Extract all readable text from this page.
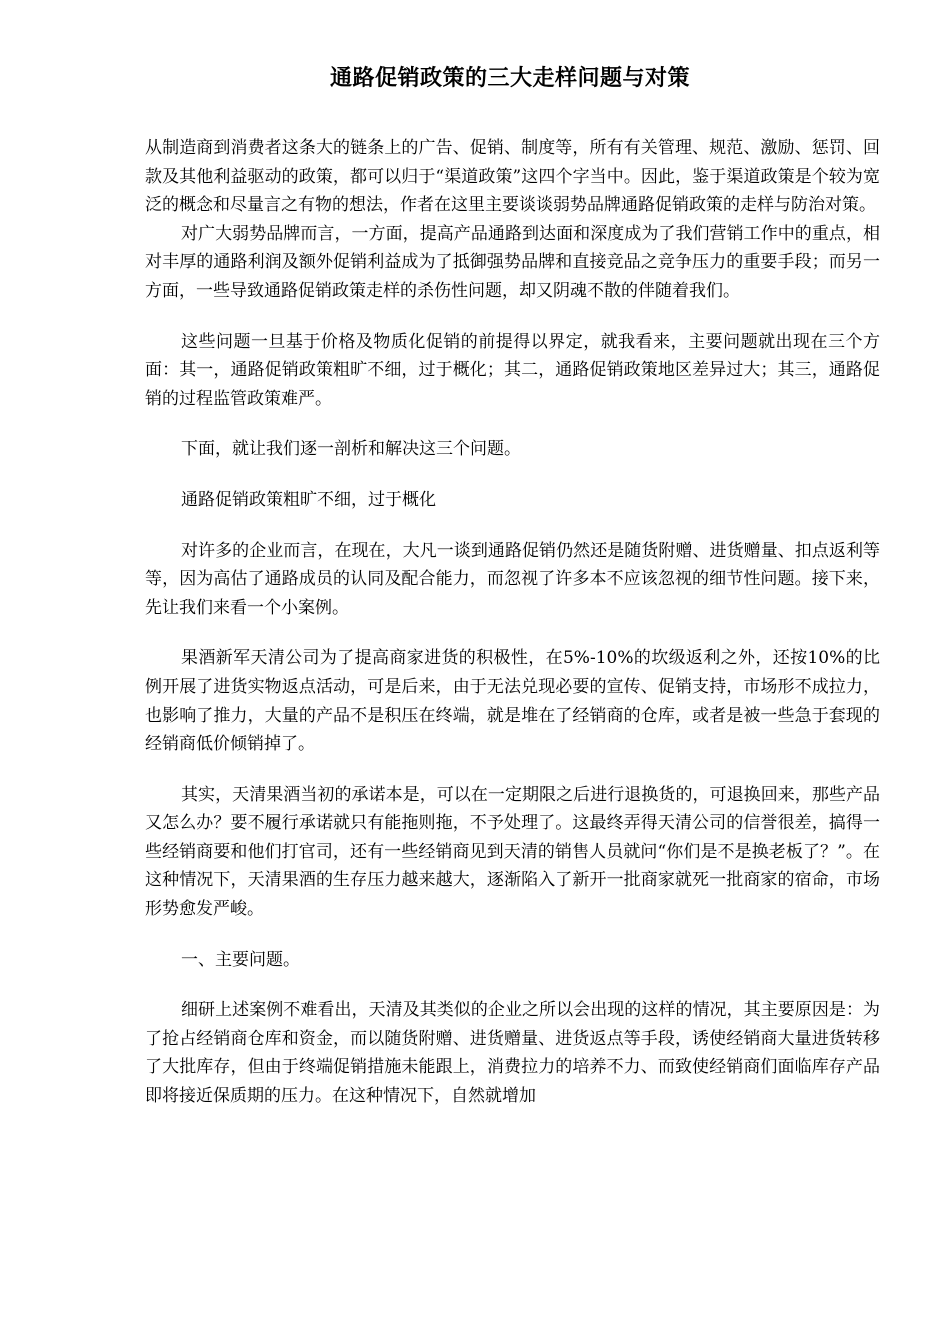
通路促销政策的三大走样问题与对策

从制造商到消费者这条大的链条上的广告、促销、制度等，所有有关管理、规范、激励、惩罚、回款及其他利益驱动的政策，都可以归于“渠道政策”这四个字当中。因此，鉴于渠道政策是个较为宽泛的概念和尽量言之有物的想法，作者在这里主要谈谈弱势品牌通路促销政策的走样与防治对策。

对广大弱势品牌而言，一方面，提高产品通路到达面和深度成为了我们营销工作中的重点，相对丰厚的通路利润及额外促销利益成为了抵御强势品牌和直接竞品之竞争压力的重要手段；而另一方面，一些导致通路促销政策走样的杀伤性问题，却又阴魂不散的伴随着我们。

这些问题一旦基于价格及物质化促销的前提得以界定，就我看来，主要问题就出现在三个方面：其一，通路促销政策粗旷不细，过于概化；其二，通路促销政策地区差异过大；其三，通路促销的过程监管政策难严。

下面，就让我们逐一剖析和解决这三个问题。

通路促销政策粗旷不细，过于概化

对许多的企业而言，在现在，大凡一谈到通路促销仍然还是随货附赠、进货赠量、扣点返利等等，因为高估了通路成员的认同及配合能力，而忽视了许多本不应该忽视的细节性问题。接下来，先让我们来看一个小案例。

果酒新军天清公司为了提高商家进货的积极性，在5%-10%的坎级返利之外，还按10%的比例开展了进货实物返点活动，可是后来，由于无法兑现必要的宣传、促销支持，市场形不成拉力，也影响了推力，大量的产品不是积压在终端，就是堆在了经销商的仓库，或者是被一些急于套现的经销商低价倾销掉了。

其实，天清果酒当初的承诺本是，可以在一定期限之后进行退换货的，可退换回来，那些产品又怎么办？要不履行承诺就只有能拖则拖，不予处理了。这最终弄得天清公司的信誉很差，搞得一些经销商要和他们打官司，还有一些经销商见到天清的销售人员就问“你们是不是换老板了？”。在这种情况下，天清果酒的生存压力越来越大，逐渐陷入了新开一批商家就死一批商家的宿命，市场形势愈发严峻。

一、主要问题。

细研上述案例不难看出，天清及其类似的企业之所以会出现的这样的情况，其主要原因是：为了抢占经销商仓库和资金，而以随货附赠、进货赠量、进货返点等手段，诱使经销商大量进货转移了大批库存，但由于终端促销措施未能跟上，消费拉力的培养不力、而致使经销商们面临库存产品即将接近保质期的压力。在这种情况下，自然就增加
